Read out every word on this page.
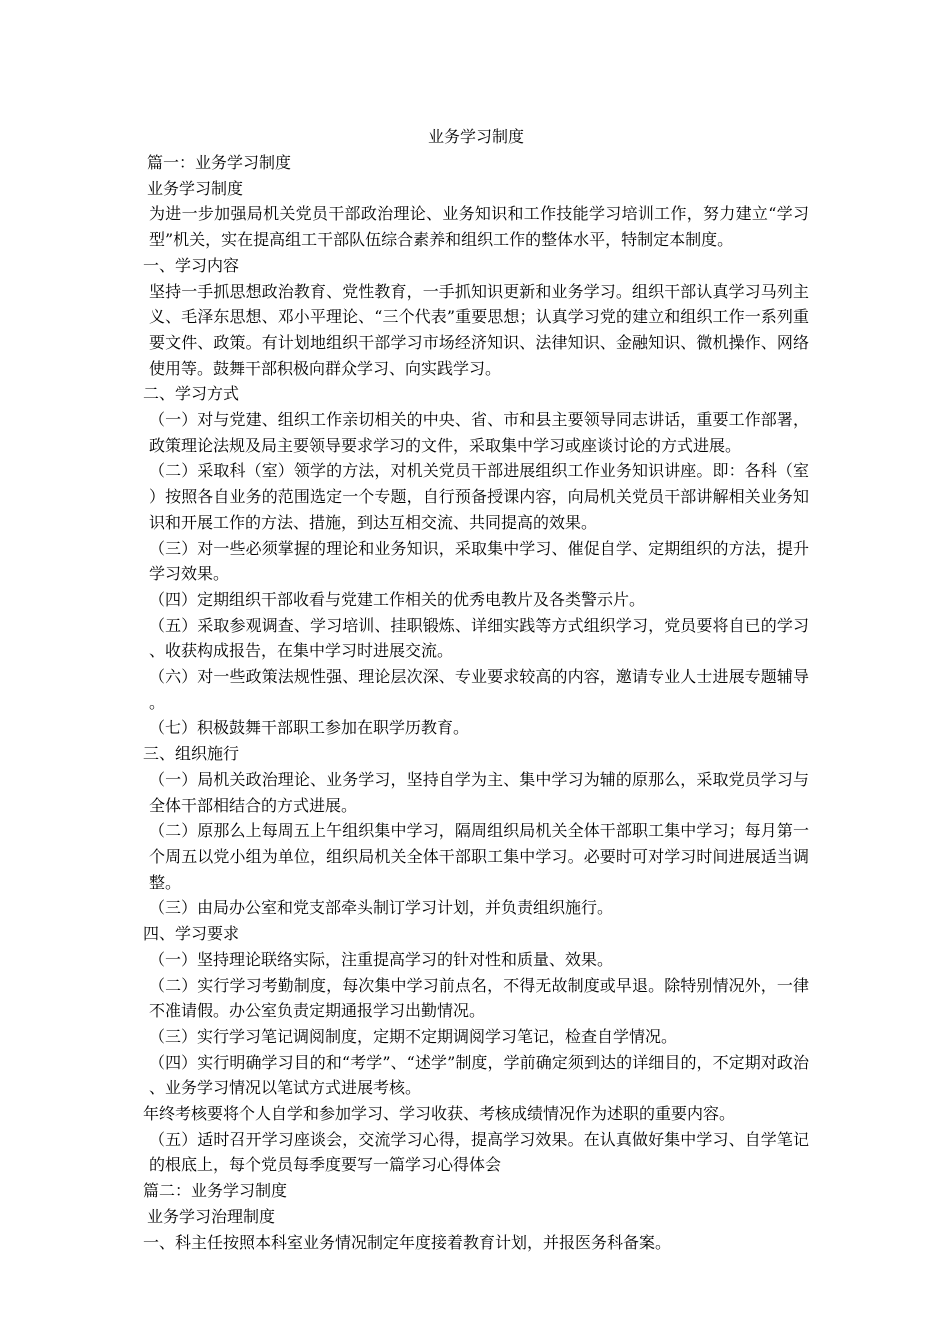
业务学习制度

篇一：业务学习制度

业务学习制度

为进一步加强局机关党员干部政治理论、业务知识和工作技能学习培训工作，努力建立“学习型”机关，实在提高组工干部队伍综合素养和组织工作的整体水平，特制定本制度。

一、学习内容

坚持一手抓思想政治教育、党性教育，一手抓知识更新和业务学习。组织干部认真学习马列主义、毛泽东思想、邓小平理论、“三个代表”重要思想；认真学习党的建立和组织工作一系列重要文件、政策。有计划地组织干部学习市场经济知识、法律知识、金融知识、微机操作、网络使用等。鼓舞干部积极向群众学习、向实践学习。

二、学习方式

（一）对与党建、组织工作亲切相关的中央、省、市和县主要领导同志讲话，重要工作部署，政策理论法规及局主要领导要求学习的文件，采取集中学习或座谈讨论的方式进展。

（二）采取科（室）领学的方法，对机关党员干部进展组织工作业务知识讲座。即：各科（室）按照各自业务的范围选定一个专题，自行预备授课内容，向局机关党员干部讲解相关业务知识和开展工作的方法、措施，到达互相交流、共同提高的效果。

（三）对一些必须掌握的理论和业务知识，采取集中学习、催促自学、定期组织的方法，提升学习效果。

（四）定期组织干部收看与党建工作相关的优秀电教片及各类警示片。

（五）采取参观调查、学习培训、挂职锻炼、详细实践等方式组织学习，党员要将自已的学习、收获构成报告，在集中学习时进展交流。

（六）对一些政策法规性强、理论层次深、专业要求较高的内容，邀请专业人士进展专题辅导。

（七）积极鼓舞干部职工参加在职学历教育。

三、组织施行

（一）局机关政治理论、业务学习，坚持自学为主、集中学习为辅的原那么，采取党员学习与全体干部相结合的方式进展。

（二）原那么上每周五上午组织集中学习，隔周组织局机关全体干部职工集中学习；每月第一个周五以党小组为单位，组织局机关全体干部职工集中学习。必要时可对学习时间进展适当调整。

（三）由局办公室和党支部牵头制订学习计划，并负责组织施行。

四、学习要求

（一）坚持理论联络实际，注重提高学习的针对性和质量、效果。

（二）实行学习考勤制度，每次集中学习前点名，不得无故制度或早退。除特别情况外，一律不准请假。办公室负责定期通报学习出勤情况。

（三）实行学习笔记调阅制度，定期不定期调阅学习笔记，检查自学情况。

（四）实行明确学习目的和“考学”、“述学”制度，学前确定须到达的详细目的，不定期对政治、业务学习情况以笔试方式进展考核。

年终考核要将个人自学和参加学习、学习收获、考核成绩情况作为述职的重要内容。

（五）适时召开学习座谈会，交流学习心得，提高学习效果。在认真做好集中学习、自学笔记的根底上，每个党员每季度要写一篇学习心得体会

篇二：业务学习制度

业务学习治理制度

一、科主任按照本科室业务情况制定年度接着教育计划，并报医务科备案。
